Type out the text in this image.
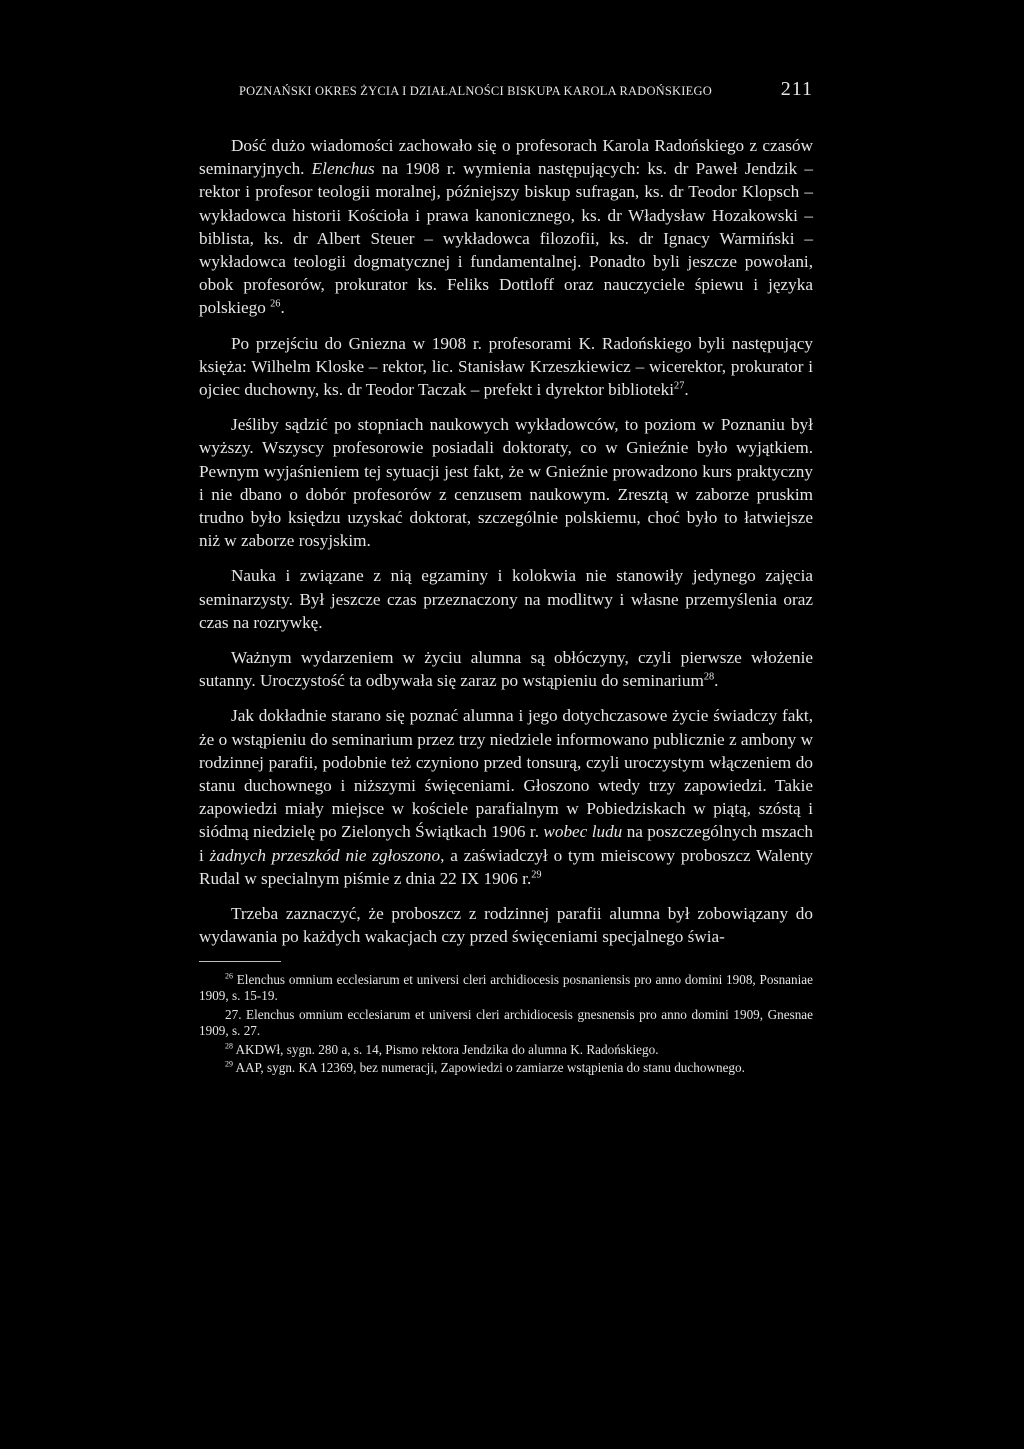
POZNAŃSKI OKRES ŻYCIA I DZIAŁALNOŚCI BISKUPA KAROLA RADOŃSKIEGO	211

Dość dużo wiadomości zachowało się o profesorach Karola Radońskiego z czasów seminaryjnych. Elenchus na 1908 r. wymienia następujących: ks. dr Paweł Jendzik – rektor i profesor teologii moralnej, późniejszy biskup sufragan, ks. dr Teodor Klopsch – wykładowca historii Kościoła i prawa kanonicznego, ks. dr Władysław Hozakowski – biblista, ks. dr Albert Steuer – wykładowca filozofii, ks. dr Ignacy Warmiński – wykładowca teologii dogmatycznej i fundamentalnej. Ponadto byli jeszcze powołani, obok profesorów, prokurator ks. Feliks Dottloff oraz nauczyciele śpiewu i języka polskiego $^{26}$.

Po przejściu do Gniezna w 1908 r. profesorami K. Radońskiego byli następujący księża: Wilhelm Kloske – rektor, lic. Stanisław Krzeszkiewicz – wicerektor, prokurator i ojciec duchowny, ks. dr Teodor Taczak – prefekt i dyrektor biblioteki$^{27}$.

Jeśliby sądzić po stopniach naukowych wykładowców, to poziom w Poznaniu był wyższy. Wszyscy profesorowie posiadali doktoraty, co w Gnieźnie było wyjątkiem. Pewnym wyjaśnieniem tej sytuacji jest fakt, że w Gnieźnie prowadzono kurs praktyczny i nie dbano o dobór profesorów z cenzusem naukowym. Zresztą w zaborze pruskim trudno było księdzu uzyskać doktorat, szczególnie polskiemu, choć było to łatwiejsze niż w zaborze rosyjskim.

Nauka i związane z nią egzaminy i kolokwia nie stanowiły jedynego zajęcia seminarzysty. Był jeszcze czas przeznaczony na modlitwy i własne przemyślenia oraz czas na rozrywkę.

Ważnym wydarzeniem w życiu alumna są obłóczyny, czyli pierwsze włożenie sutanny. Uroczystość ta odbywała się zaraz po wstąpieniu do seminarium$^{28}$.

Jak dokładnie starano się poznać alumna i jego dotychczasowe życie świadczy fakt, że o wstąpieniu do seminarium przez trzy niedziele informowano publicznie z ambony w rodzinnej parafii, podobnie też czyniono przed tonsurą, czyli uroczystym włączeniem do stanu duchownego i niższymi święceniami. Głoszono wtedy trzy zapowiedzi. Takie zapowiedzi miały miejsce w kościele parafialnym w Pobiedziskach w piątą, szóstą i siódmą niedzielę po Zielonych Świątkach 1906 r. wobec ludu na poszczególnych mszach i żadnych przeszkód nie zgłoszono, a zaświadczył o tym mieiscowy proboszcz Walenty Rudal w specialnym piśmie z dnia 22 IX 1906 r.$^{29}$

Trzeba zaznaczyć, że proboszcz z rodzinnej parafii alumna był zobowiązany do wydawania po każdych wakacjach czy przed święceniami specjalnego świa-

$^{26}$ Elenchus omnium ecclesiarum et universi cleri archidiocesis posnaniensis pro anno domini 1908, Posnaniae 1909, s. 15-19.

27. Elenchus omnium ecclesiarum et universi cleri archidiocesis gnesnensis pro anno domini 1909, Gnesnae 1909, s. 27.

$^{28}$ AKDWł, sygn. 280 a, s. 14, Pismo rektora Jendzika do alumna K. Radońskiego.

$^{29}$ AAP, sygn. KA 12369, bez numeracji, Zapowiedzi o zamiarze wstąpienia do stanu duchownego.
